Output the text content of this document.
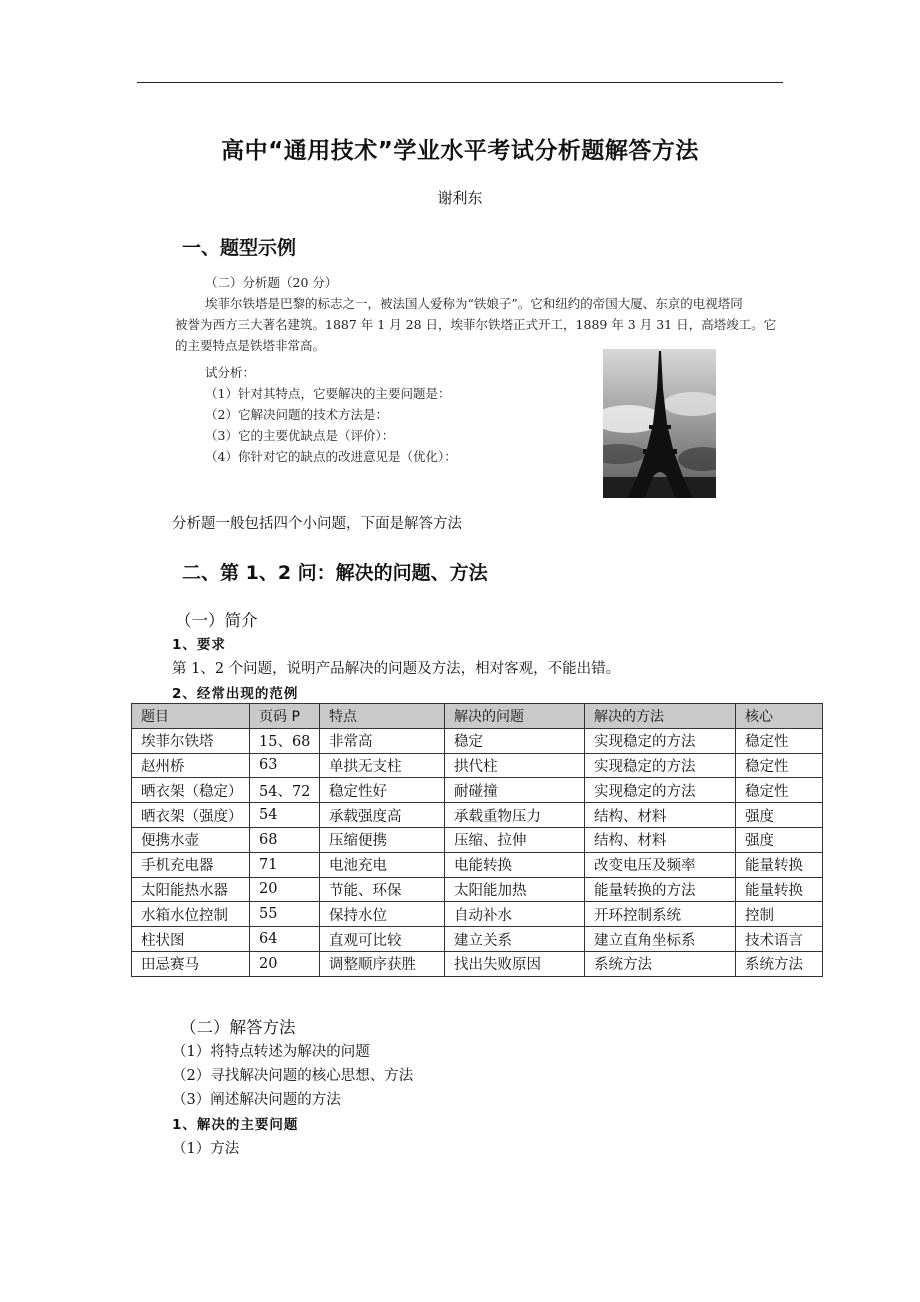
高中“通用技术”学业水平考试分析题解答方法
谢利东
一、题型示例
（二）分析题（20 分）
埃菲尔铁塔是巴黎的标志之一，被法国人爱称为“铁娘子”。它和纽约的帝国大厦、东京的电视塔同
被誉为西方三大著名建筑。1887 年 1 月 28 日，埃菲尔铁塔正式开工，1889 年 3 月 31 日，高塔竣工。它
的主要特点是铁塔非常高。
试分析：
（1）针对其特点，它要解决的主要问题是：
（2）它解决问题的技术方法是：
（3）它的主要优缺点是（评价）：
（4）你针对它的缺点的改进意见是（优化）：
分析题一般包括四个小问题，下面是解答方法
二、第 1、2 问：解决的问题、方法
（一）简介
1、要求
第 1、2 个问题，说明产品解决的问题及方法，相对客观，不能出错。
2、经常出现的范例
题目	页码 P	特点	解决的问题	解决的方法	核心
埃菲尔铁塔	15、68	非常高	稳定	实现稳定的方法	稳定性
赵州桥	63	单拱无支柱	拱代柱	实现稳定的方法	稳定性
晒衣架（稳定）	54、72	稳定性好	耐碰撞	实现稳定的方法	稳定性
晒衣架（强度）	54	承载强度高	承载重物压力	结构、材料	强度
便携水壶	68	压缩便携	压缩、拉伸	结构、材料	强度
手机充电器	71	电池充电	电能转换	改变电压及频率	能量转换
太阳能热水器	20	节能、环保	太阳能加热	能量转换的方法	能量转换
水箱水位控制	55	保持水位	自动补水	开环控制系统	控制
柱状图	64	直观可比较	建立关系	建立直角坐标系	技术语言
田忌赛马	20	调整顺序获胜	找出失败原因	系统方法	系统方法
（二）解答方法
（1）将特点转述为解决的问题
（2）寻找解决问题的核心思想、方法
（3）阐述解决问题的方法
1、解决的主要问题
（1）方法
